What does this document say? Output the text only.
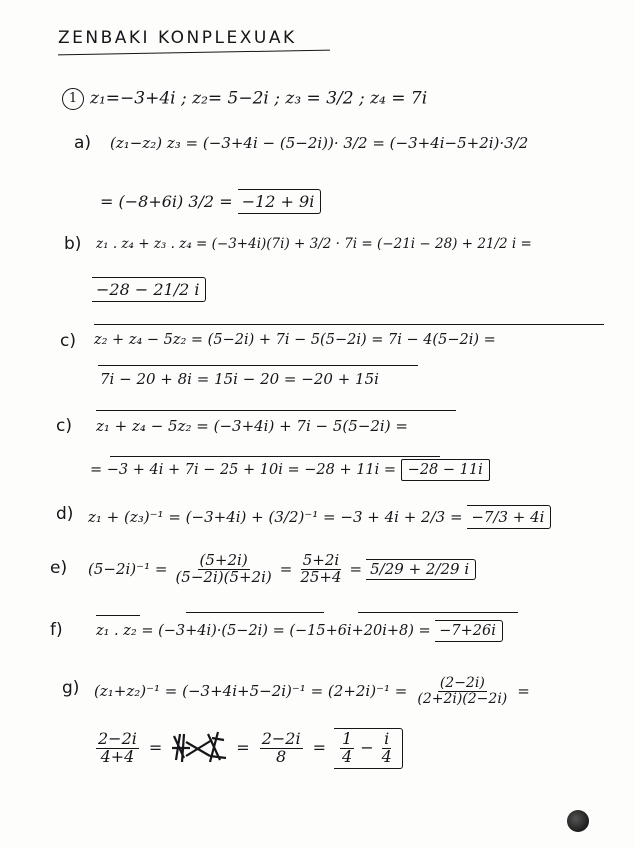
ZENBAKI KONPLEXUAK
1 z₁=−3+4i ; z₂= 5−2i ; z₃ = 3/2 ; z₄ = 7i
a) (z₁−z₂) z₃ = (−3+4i − (5−2i))· 3/2 = (−3+4i−5+2i)·3/2
= (−8+6i) 3/2 = −12 + 9i
b) z₁ . z₄ + z₃ . z₄ = (−3+4i)(7i) + 3/2 · 7i = (−21i − 28) + 21/2 i =
−28 − 21/2 i
c) z₂ + z₄ − 5z₂ = (5−2i) + 7i − 5(5−2i) = 7i − 4(5−2i) =
7i − 20 + 8i = 15i − 20 = −20 + 15i
c) z₁ + z₄ − 5z₂ = (−3+4i) + 7i − 5(5−2i) =
= −3 + 4i + 7i − 25 + 10i = −28 + 11i = −28 − 11i
d) z₁ + (z₃)⁻¹ = (−3+4i) + (3/2)⁻¹ = −3 + 4i + 2/3 = −7/3 + 4i
e) $(5-2i)^{-1} = \frac{(5+2i)}{(5-2i)(5+2i)} = \frac{5+2i}{25+4} = 5/29 + 2/29$ i
f) z₁ . z₂ = (−3+4i)·(5−2i) = (−15+6i+20i+8) = −7+26i
g) $(z_1+z_2)^{-1} = (-3+4i+5-2i)^{-1} = (2+2i)^{-1} = \frac{(2-2i)}{(2+2i)(2-2i)}$ =
$\frac{2-2i}{4+4}$ =	= $\frac{2-2i}{8} = \frac{1}{4} - \frac{i}{4}$
